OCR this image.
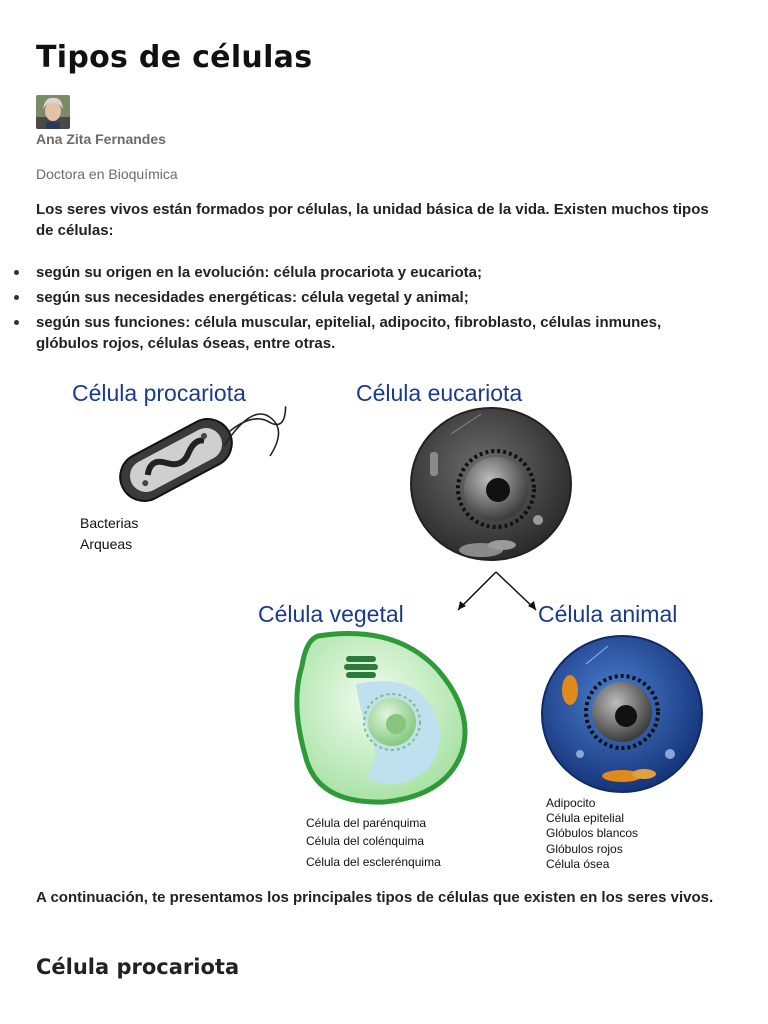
Tipos de células
Ana Zita Fernandes
Doctora en Bioquímica

Los seres vivos están formados por células, la unidad básica de la vida. Existen muchos tipos de células:

según su origen en la evolución: célula procariota y eucariota;
según sus necesidades energéticas: célula vegetal y animal;
según sus funciones: célula muscular, epitelial, adipocito, fibroblasto, células inmunes, glóbulos rojos, células óseas, entre otras.
Célula procariota
Bacterias
Arqueas
Célula eucariota
Célula vegetal
Célula del parénquima
Célula del colénquima
Célula del esclerénquima
Célula animal
Adipocito
Célula epitelial
Glóbulos blancos
Glóbulos rojos
Célula ósea

A continuación, te presentamos los principales tipos de células que existen en los seres vivos.

Célula procariota
